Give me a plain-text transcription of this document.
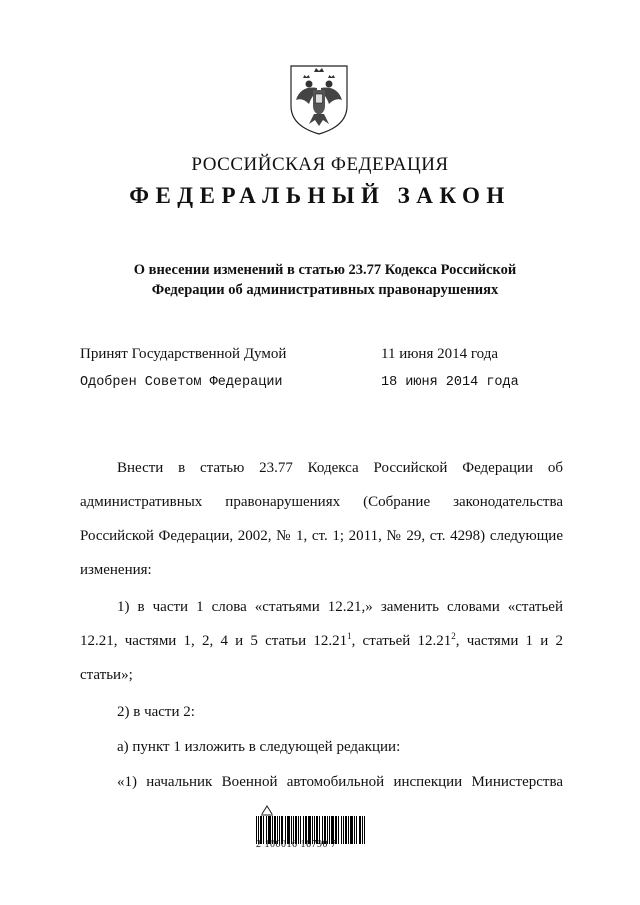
РОССИЙСКАЯ ФЕДЕРАЦИЯ
ФЕДЕРАЛЬНЫЙ ЗАКОН
О внесении изменений в статью 23.77 Кодекса Российской
Федерации об административных правонарушениях
Принят Государственной Думой	11 июня 2014 года
Одобрен Советом Федерации	18 июня 2014 года
Внести в статью 23.77 Кодекса Российской Федерации об
административных правонарушениях (Собрание законодательства
Российской Федерации, 2002, № 1, ст. 1; 2011, № 29, ст. 4298) следующие
изменения:
1) в части 1 слова «статьями 12.21,» заменить словами «статьей
12.21, частями 1, 2, 4 и 5 статьи 12.21$^1$, статьей 12.21$^2$, частями 1 и 2
статьи»;
2) в части 2:
а) пункт 1 изложить в следующей редакции:
«1) начальник Военной автомобильной инспекции Министерства
2 100016 16790 7
